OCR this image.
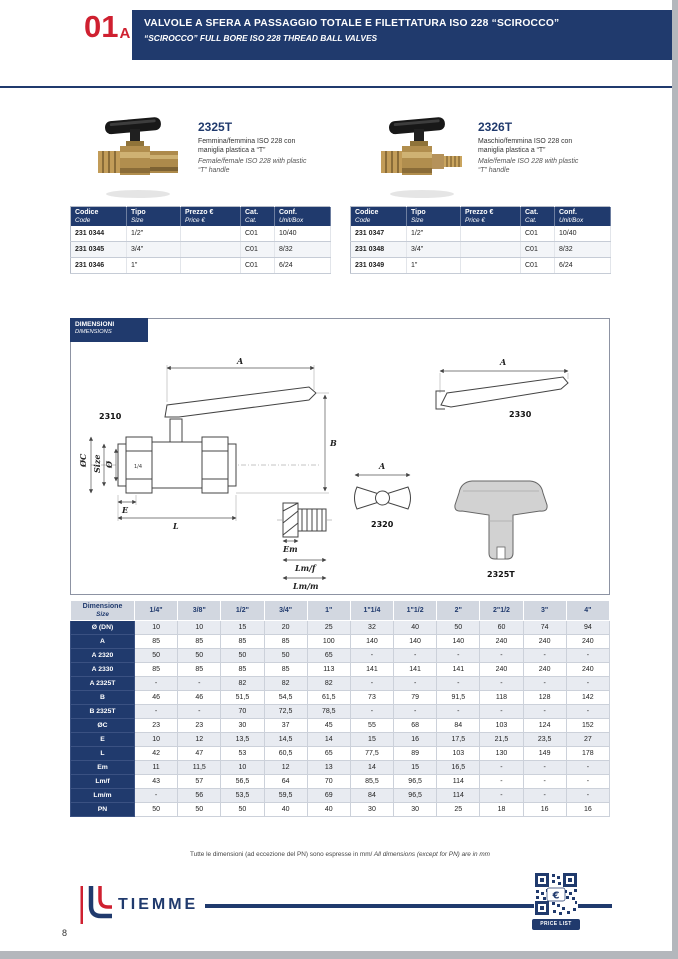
01 A
VALVOLE A SFERA A PASSAGGIO TOTALE E FILETTATURA ISO 228 “SCIROCCO”
“SCIROCCO” FULL BORE ISO 228 THREAD BALL VALVES
2325T

Femmina/femmina ISO 228 con maniglia plastica a “T”

Female/female ISO 228 with plastic “T” handle

2326T

Maschio/femmina ISO 228 con maniglia plastica a “T”

Male/female ISO 228 with plastic “T” handle

Codice
Code	Tipo
Size	Prezzo €
Price €	Cat.
Cat.	Conf.
Unit/Box

231 0344	1/2"		C01	10/40
231 0345	3/4"		C01	8/32
231 0346	1"		C01	6/24
Codice
Code	Tipo
Size	Prezzo €
Price €	Cat.
Cat.	Conf.
Unit/Box

231 0347	1/2"		C01	10/40
231 0348	3/4"		C01	8/32
231 0349	1"		C01	6/24
DIMENSIONI
DIMENSIONS
1/4
2310
A
B
ØC Size Ø
E
L
Em
Lm/f
Lm/m
A
2330
A
2320
2325T
Dimensione
Size	1/4"	3/8"	1/2"	3/4"	1"	1"1/4	1"1/2	2"	2"1/2	3"	4"
Ø (DN)	10	10	15	20	25	32	40	50	60	74	94
A	85	85	85	85	100	140	140	140	240	240	240
A 2320	50	50	50	50	65	-	-	-	-	-	-
A 2330	85	85	85	85	113	141	141	141	240	240	240
A 2325T	-	-	82	82	82	-	-	-	-	-	-
B	46	46	51,5	54,5	61,5	73	79	91,5	118	128	142
B 2325T	-	-	70	72,5	78,5	-	-	-	-	-	-
ØC	23	23	30	37	45	55	68	84	103	124	152
E	10	12	13,5	14,5	14	15	16	17,5	21,5	23,5	27
L	42	47	53	60,5	65	77,5	89	103	130	149	178
Em	11	11,5	10	12	13	14	15	16,5	-	-	-
Lm/f	43	57	56,5	64	70	85,5	96,5	114	-	-	-
Lm/m	-	56	53,5	59,5	69	84	96,5	114	-	-	-
PN	50	50	50	40	40	30	30	25	18	16	16
Tutte le dimensioni (ad eccezione del PN) sono espresse in mm/ All dimensions (except for PN) are in mm
TIEMME	€
PRICE LIST
8
